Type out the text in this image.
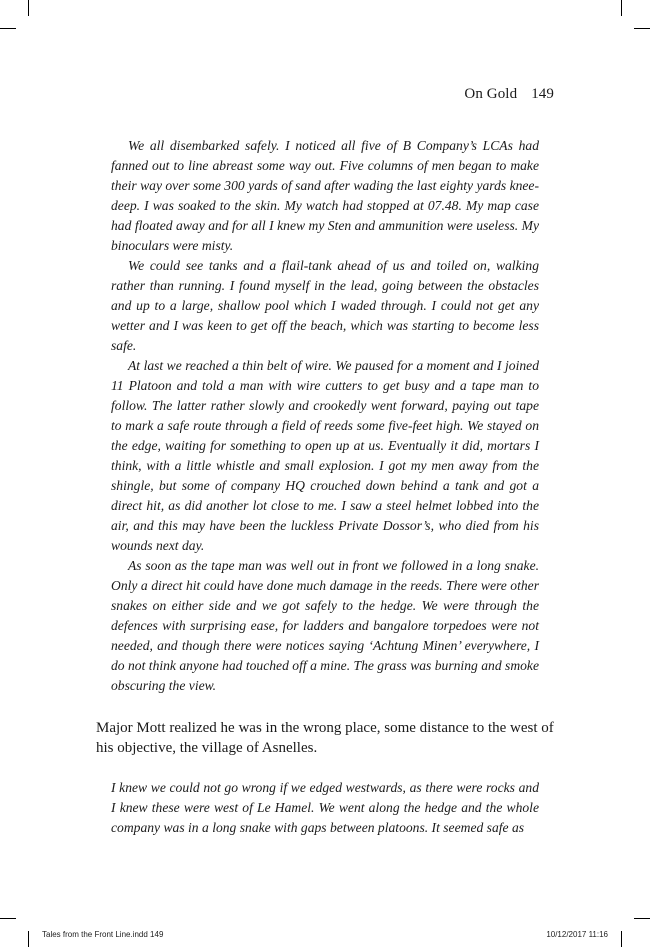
On Gold 149

We all disembarked safely. I noticed all five of B Company’s LCAs had fanned out to line abreast some way out. Five columns of men began to make their way over some 300 yards of sand after wading the last eighty yards knee-deep. I was soaked to the skin. My watch had stopped at 07.48. My map case had floated away and for all I knew my Sten and ammunition were useless. My binoculars were misty.

We could see tanks and a flail-tank ahead of us and toiled on, walking rather than running. I found myself in the lead, going between the obstacles and up to a large, shallow pool which I waded through. I could not get any wetter and I was keen to get off the beach, which was starting to become less safe.

At last we reached a thin belt of wire. We paused for a moment and I joined 11 Platoon and told a man with wire cutters to get busy and a tape man to follow. The latter rather slowly and crookedly went forward, paying out tape to mark a safe route through a field of reeds some five-feet high. We stayed on the edge, waiting for something to open up at us. Eventually it did, mortars I think, with a little whistle and small explosion. I got my men away from the shingle, but some of company HQ crouched down behind a tank and got a direct hit, as did another lot close to me. I saw a steel helmet lobbed into the air, and this may have been the luckless Private Dossor’s, who died from his wounds next day.

As soon as the tape man was well out in front we followed in a long snake. Only a direct hit could have done much damage in the reeds. There were other snakes on either side and we got safely to the hedge. We were through the defences with surprising ease, for ladders and bangalore torpedoes were not needed, and though there were notices saying ‘Achtung Minen’ everywhere, I do not think anyone had touched off a mine. The grass was burning and smoke obscuring the view.

Major Mott realized he was in the wrong place, some distance to the west of his objective, the village of Asnelles.

I knew we could not go wrong if we edged westwards, as there were rocks and I knew these were west of Le Hamel. We went along the hedge and the whole company was in a long snake with gaps between platoons. It seemed safe as

Tales from the Front Line.indd 149	10/12/2017 11:16
